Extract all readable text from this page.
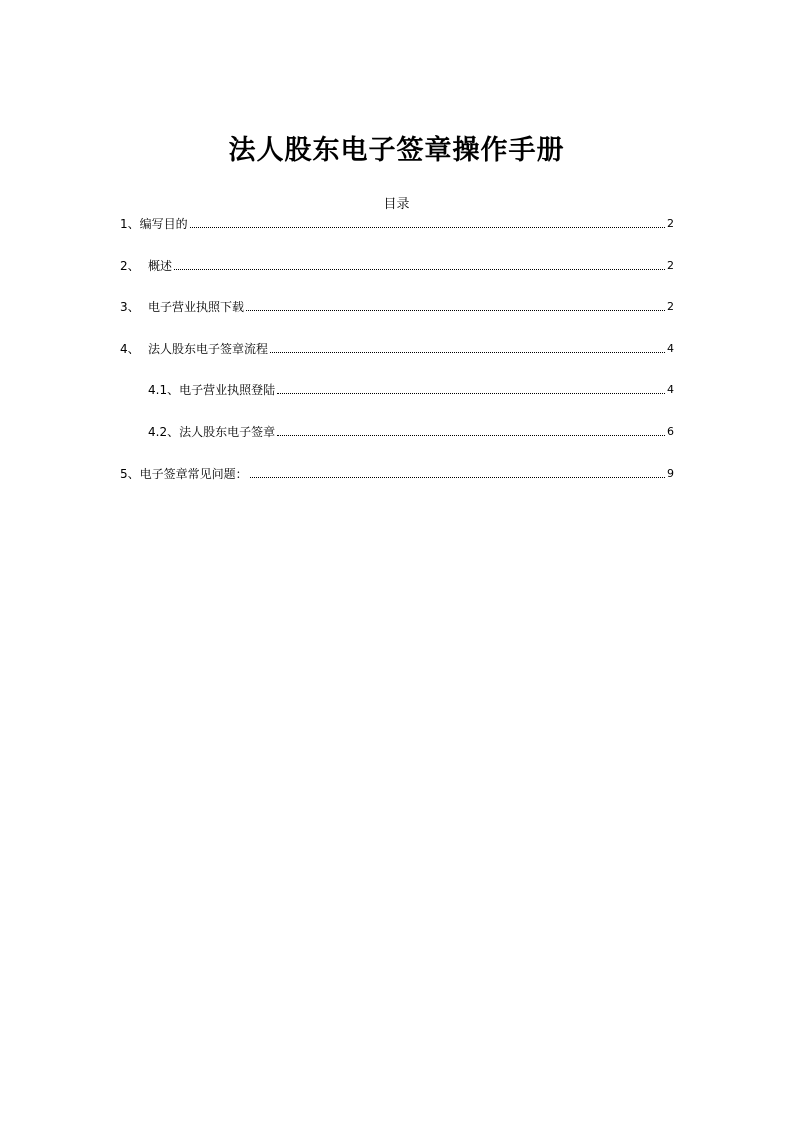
法人股东电子签章操作手册
目录
1、 编写目的	2
2、 概述	2
3、 电子营业执照下载	2
4、 法人股东电子签章流程	4
4.1、 电子营业执照登陆	4
4.2、 法人股东电子签章	6
5、 电子签章常见问题：	9
